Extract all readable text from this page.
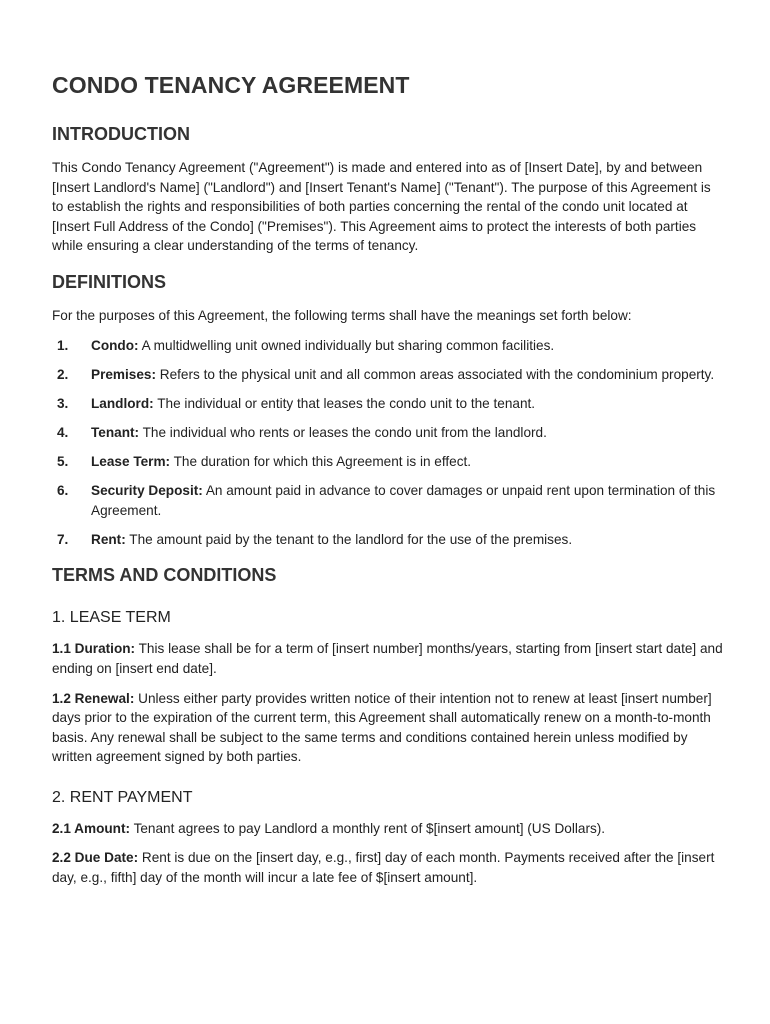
CONDO TENANCY AGREEMENT
INTRODUCTION

This Condo Tenancy Agreement ("Agreement") is made and entered into as of [Insert Date], by and between [Insert Landlord's Name] ("Landlord") and [Insert Tenant's Name] ("Tenant"). The purpose of this Agreement is to establish the rights and responsibilities of both parties concerning the rental of the condo unit located at [Insert Full Address of the Condo] ("Premises"). This Agreement aims to protect the interests of both parties while ensuring a clear understanding of the terms of tenancy.

DEFINITIONS

For the purposes of this Agreement, the following terms shall have the meanings set forth below:

1. Condo: A multidwelling unit owned individually but sharing common facilities.
2. Premises: Refers to the physical unit and all common areas associated with the condominium property.
3. Landlord: The individual or entity that leases the condo unit to the tenant.
4. Tenant: The individual who rents or leases the condo unit from the landlord.
5. Lease Term: The duration for which this Agreement is in effect.
6. Security Deposit: An amount paid in advance to cover damages or unpaid rent upon termination of this Agreement.
7. Rent: The amount paid by the tenant to the landlord for the use of the premises.
TERMS AND CONDITIONS
1. LEASE TERM

1.1 Duration: This lease shall be for a term of [insert number] months/years, starting from [insert start date] and ending on [insert end date].

1.2 Renewal: Unless either party provides written notice of their intention not to renew at least [insert number] days prior to the expiration of the current term, this Agreement shall automatically renew on a month-to-month basis. Any renewal shall be subject to the same terms and conditions contained herein unless modified by written agreement signed by both parties.

2. RENT PAYMENT

2.1 Amount: Tenant agrees to pay Landlord a monthly rent of $[insert amount] (US Dollars).

2.2 Due Date: Rent is due on the [insert day, e.g., first] day of each month. Payments received after the [insert day, e.g., fifth] day of the month will incur a late fee of $[insert amount].
